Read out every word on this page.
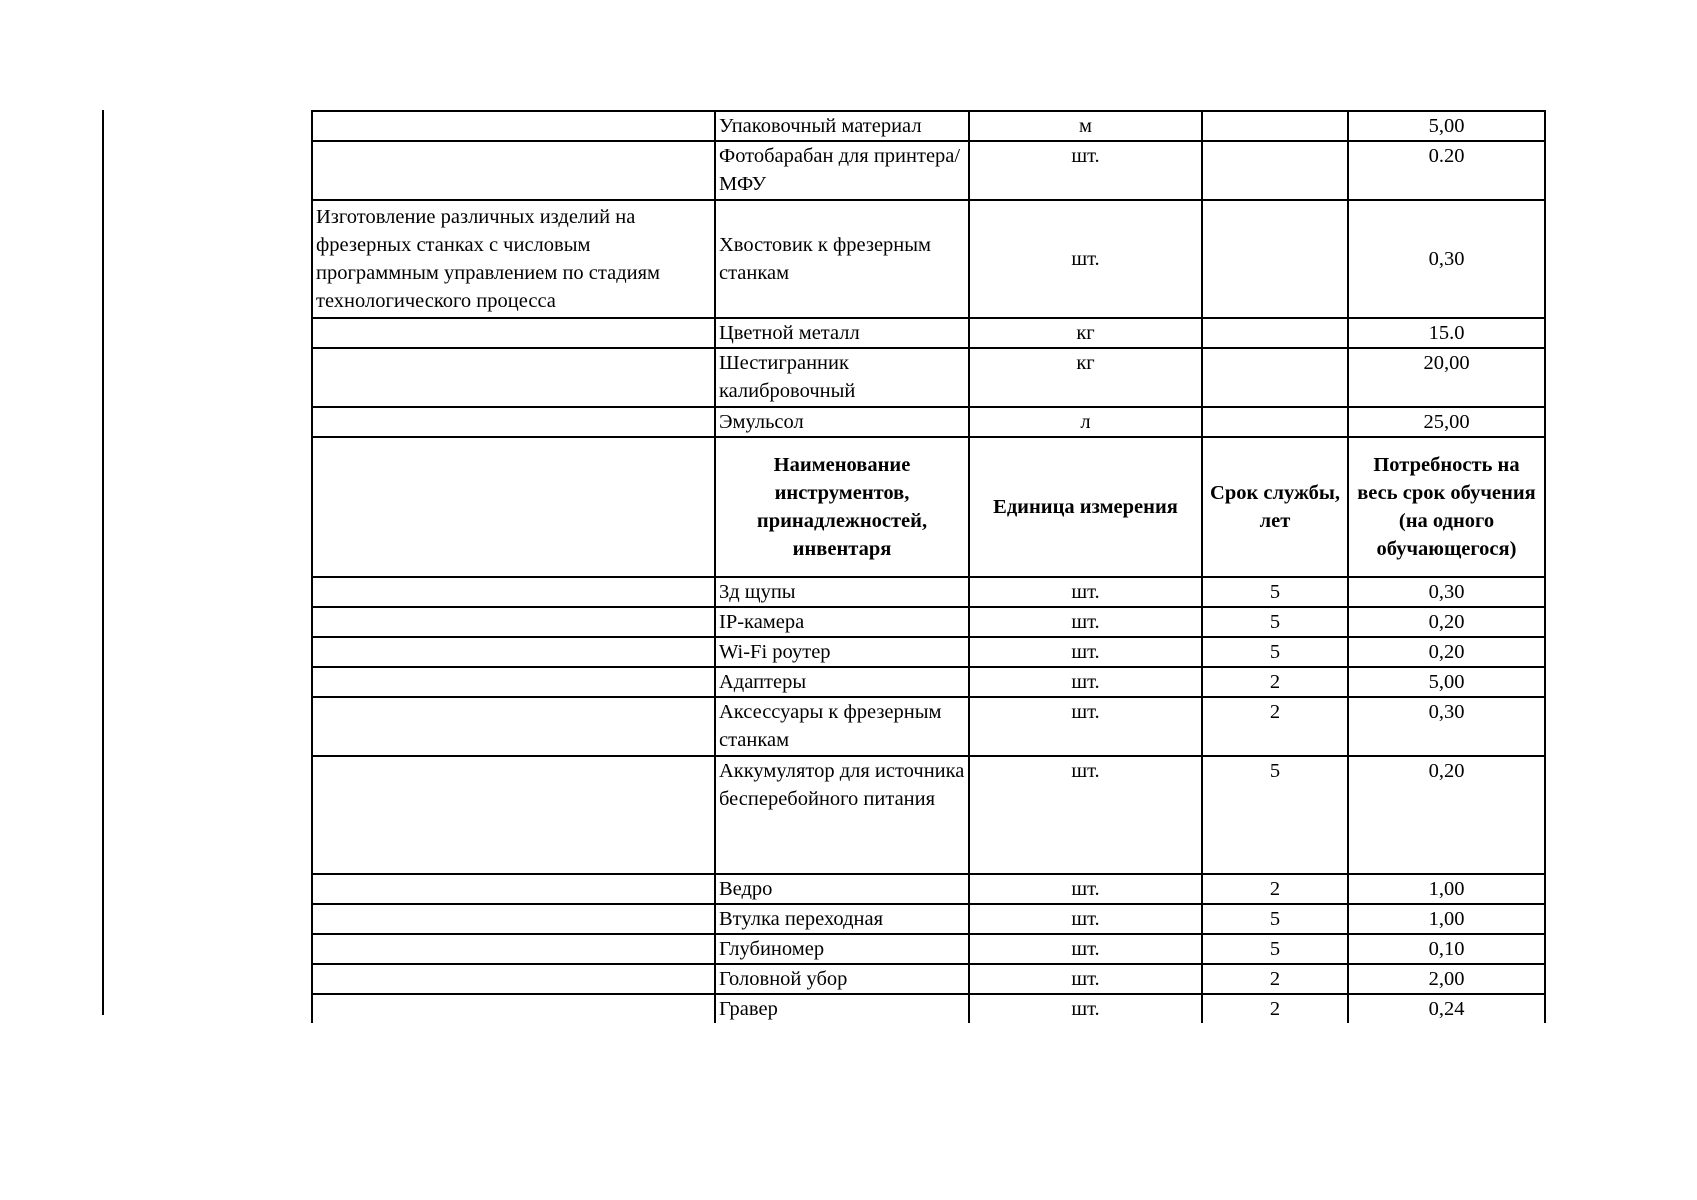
	Упаковочный материал	м		5,00
	Фотобарабан для принтера/МФУ	шт.		0.20
Изготовление различных изделий на фрезерных станках с числовым программным управлением по стадиям технологического процесса	Хвостовик к фрезерным станкам	шт.		0,30
	Цветной металл	кг		15.0
	Шестигранник калибровочный	кг		20,00
	Эмульсол	л		25,00
	Наименование инструментов, принадлежностей, инвентаря	Единица измерения	Срок службы, лет	Потребность на весь срок обучения (на одного обучающегося)
	3д щупы	шт.	5	0,30
	IP-камера	шт.	5	0,20
	Wi-Fi роутер	шт.	5	0,20
	Адаптеры	шт.	2	5,00
	Аксессуары к фрезерным станкам	шт.	2	0,30
	Аккумулятор для источника бесперебойного питания	шт.	5	0,20
	Ведро	шт.	2	1,00
	Втулка переходная	шт.	5	1,00
	Глубиномер	шт.	5	0,10
	Головной убор	шт.	2	2,00
	Гравер	шт.	2	0,24
